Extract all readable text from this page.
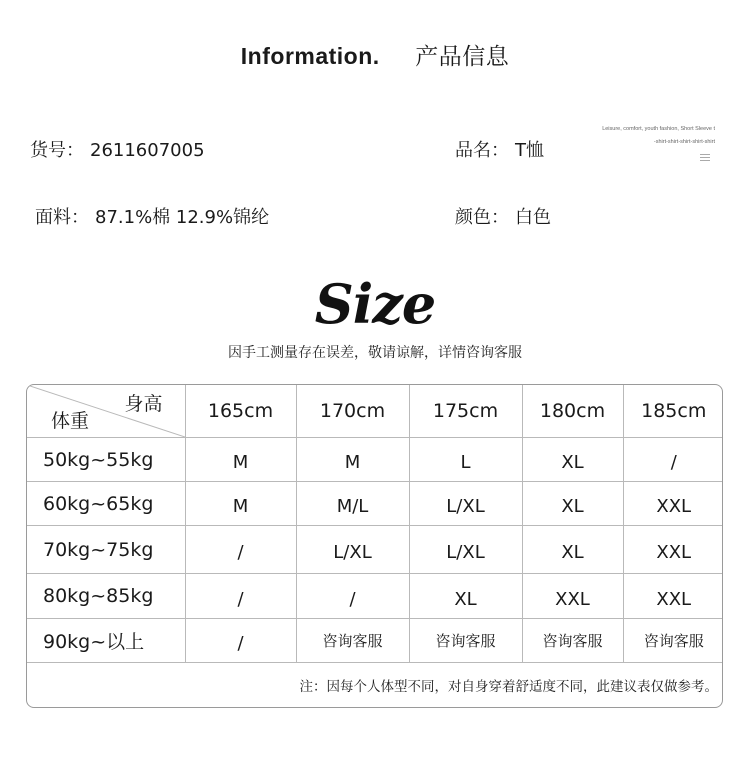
Information. 产品信息
货号： 2611607005	品名： T恤
面料： 87.1%棉 12.9%锦纶	颜色： 白色
Leisure, comfort, youth fashion, Short Sleeve t
-shirt-shirt-shirt-shirt-shirt
Size
因手工测量存在误差，敬请谅解，详情咨询客服
身高
体重	165cm	170cm	175cm	180cm	185cm
50kg~55kg	M	M	L	XL	/
60kg~65kg	M	M/L	L/XL	XL	XXL
70kg~75kg	/	L/XL	L/XL	XL	XXL
80kg~85kg	/	/	XL	XXL	XXL
90kg~以上	/	咨询客服	咨询客服	咨询客服	咨询客服
注：因每个人体型不同，对自身穿着舒适度不同，此建议表仅做参考。					
